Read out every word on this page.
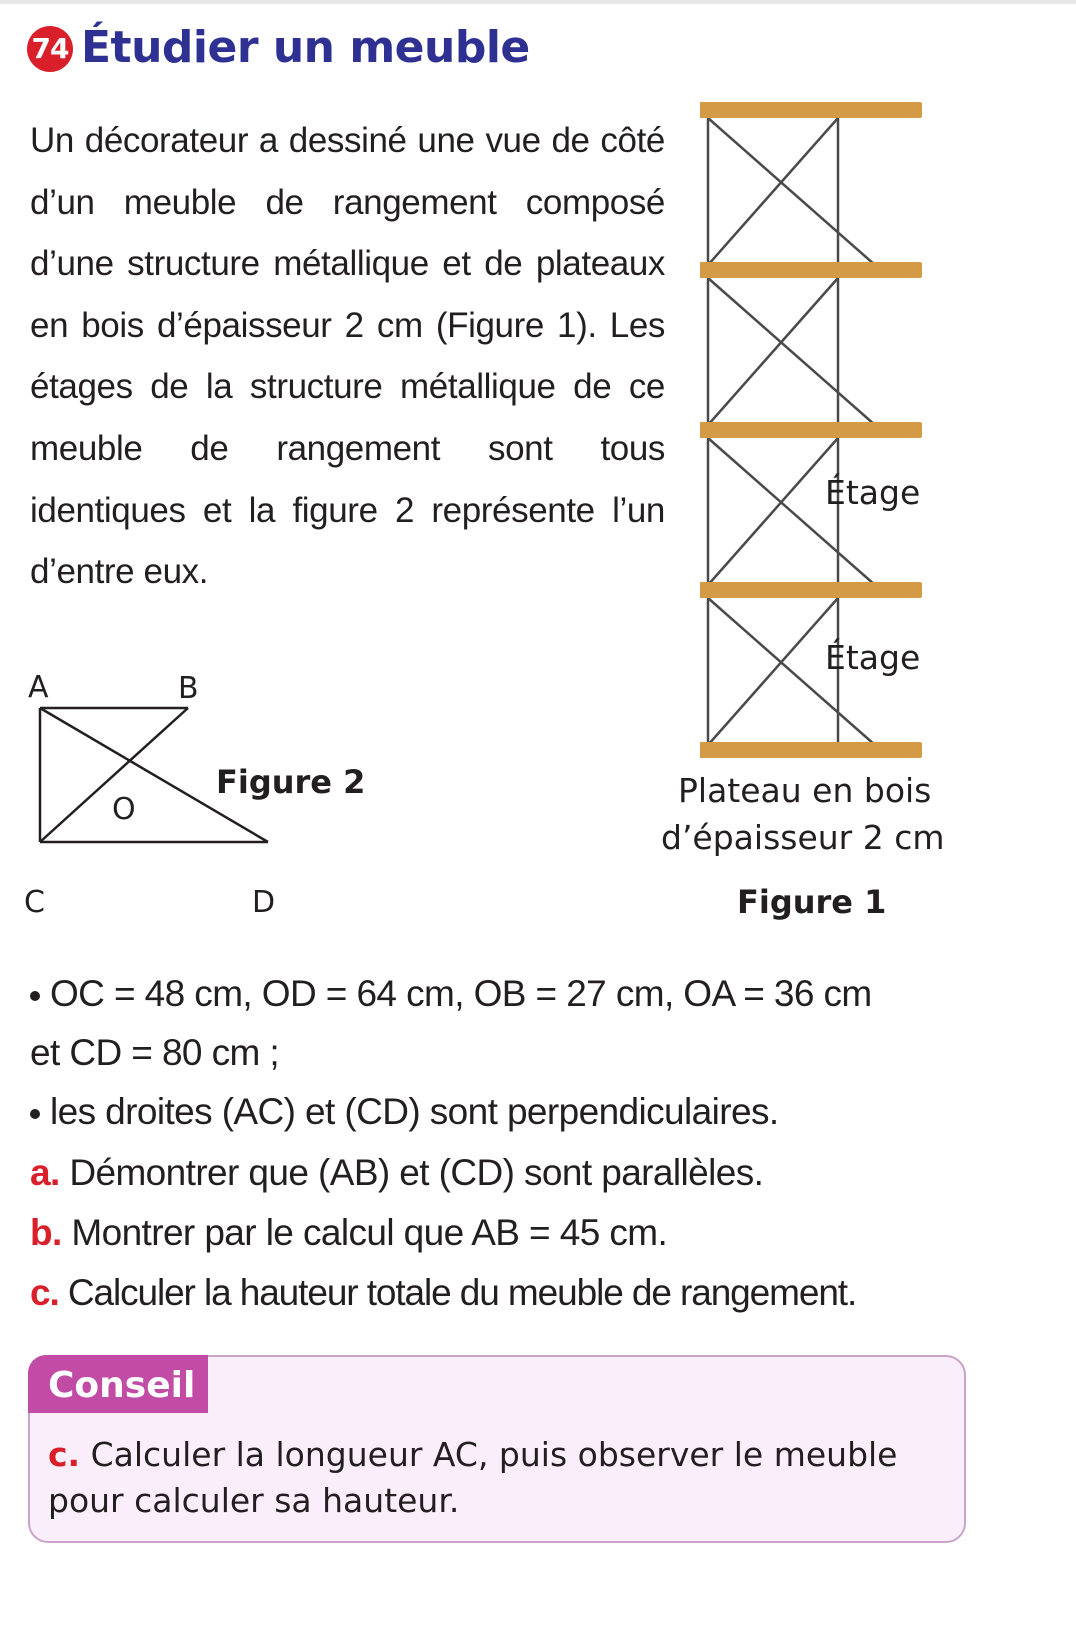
74 Étudier un meuble

Un décorateur a dessiné une vue de côté d’un meuble de rangement composé d’une structure métallique et de plateaux en bois d’épaisseur 2 cm (Figure 1). Les étages de la structure métallique de ce meuble de rangement sont tous identiques et la figure 2 représente l’un d’entre eux.

Étage
Étage
Plateau en bois
d’épaisseur 2 cm
Figure 1
A	B
O
C	D
Figure 2
OC = 48 cm, OD = 64 cm, OB = 27 cm, OA = 36 cm
et CD = 80 cm ;
les droites (AC) et (CD) sont perpendiculaires.
a. Démontrer que (AB) et (CD) sont parallèles.
b. Montrer par le calcul que AB = 45 cm.
c. Calculer la hauteur totale du meuble de rangement.
Conseil

c. Calculer la longueur AC, puis observer le meuble pour calculer sa hauteur.
